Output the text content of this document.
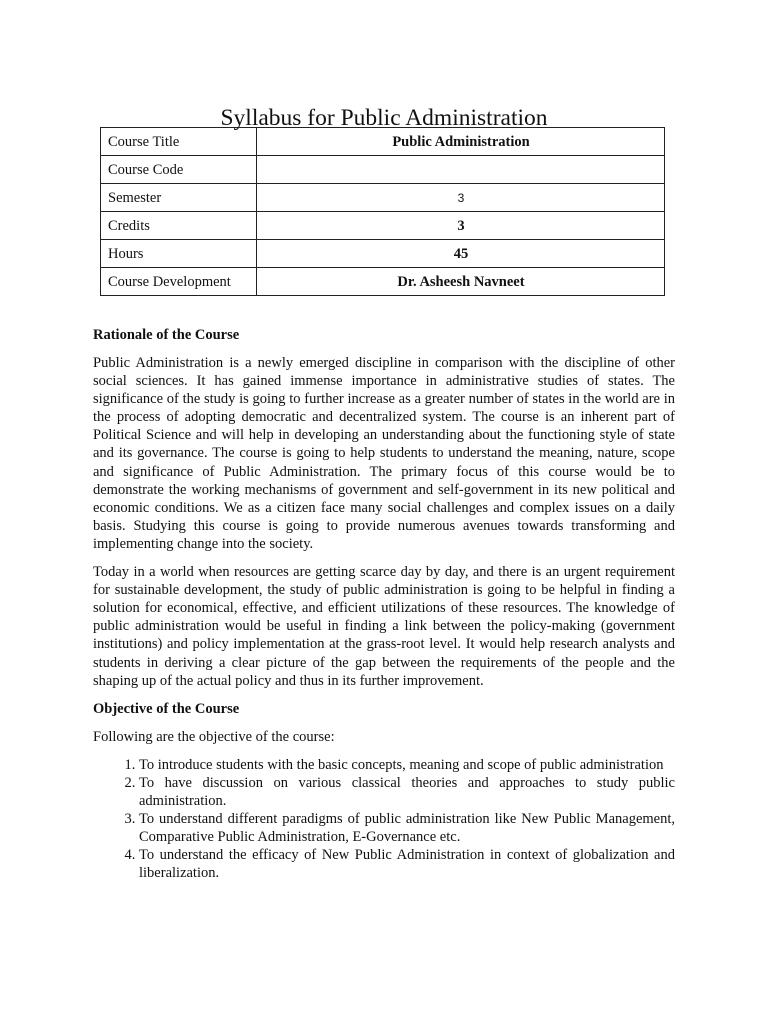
Syllabus for Public Administration
Course Title	Public Administration
Course Code	
Semester	3
Credits	3
Hours	45
Course Development	Dr. Asheesh Navneet
Rationale of the Course

Public Administration is a newly emerged discipline in comparison with the discipline of other social sciences. It has gained immense importance in administrative studies of states. The significance of the study is going to further increase as a greater number of states in the world are in the process of adopting democratic and decentralized system. The course is an inherent part of Political Science and will help in developing an understanding about the functioning style of state and its governance. The course is going to help students to understand the meaning, nature, scope and significance of Public Administration. The primary focus of this course would be to demonstrate the working mechanisms of government and self-government in its new political and economic conditions. We as a citizen face many social challenges and complex issues on a daily basis. Studying this course is going to provide numerous avenues towards transforming and implementing change into the society.

Today in a world when resources are getting scarce day by day, and there is an urgent requirement for sustainable development, the study of public administration is going to be helpful in finding a solution for economical, effective, and efficient utilizations of these resources. The knowledge of public administration would be useful in finding a link between the policy-making (government institutions) and policy implementation at the grass-root level. It would help research analysts and students in deriving a clear picture of the gap between the requirements of the people and the shaping up of the actual policy and thus in its further improvement.

Objective of the Course

Following are the objective of the course:

1. To introduce students with the basic concepts, meaning and scope of public administration
2. To have discussion on various classical theories and approaches to study public administration.
3. To understand different paradigms of public administration like New Public Management, Comparative Public Administration, E-Governance etc.
4. To understand the efficacy of New Public Administration in context of globalization and liberalization.
